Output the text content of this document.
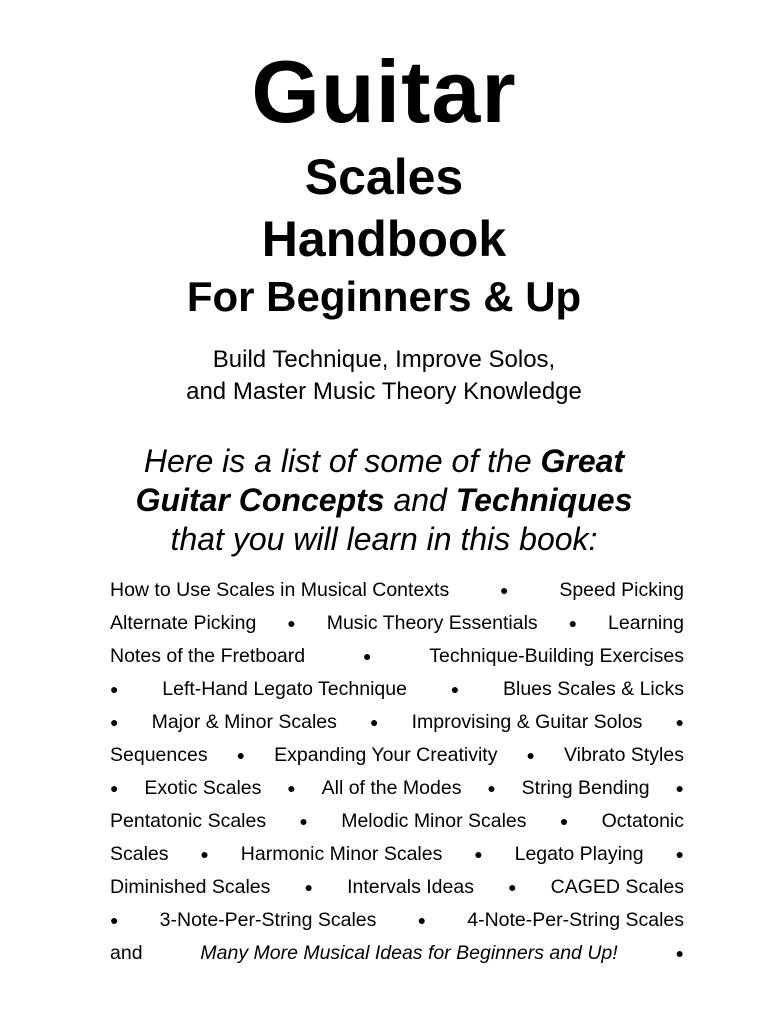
Guitar
Scales
Handbook
For Beginners & Up
Build Technique, Improve Solos,
and Master Music Theory Knowledge
Here is a list of some of the Great
Guitar Concepts and Techniques
that you will learn in this book:
How to Use Scales in Musical Contexts	●	Speed Picking
Alternate Picking ● Music Theory Essentials ● Learning
Notes of the Fretboard	●	Technique-Building Exercises
● Left-Hand Legato Technique	● Blues Scales & Licks
● Major & Minor Scales ● Improvising & Guitar Solos ●
Sequences ● Expanding Your Creativity ● Vibrato Styles
● Exotic Scales ● All of the Modes ● String Bending ●
Pentatonic Scales ● Melodic Minor Scales ● Octatonic
Scales ● Harmonic Minor Scales ● Legato Playing ●
Diminished Scales ● Intervals Ideas ● CAGED Scales
● 3-Note-Per-String Scales	● 4-Note-Per-String Scales
and	Many More Musical Ideas for Beginners and Up!	●
